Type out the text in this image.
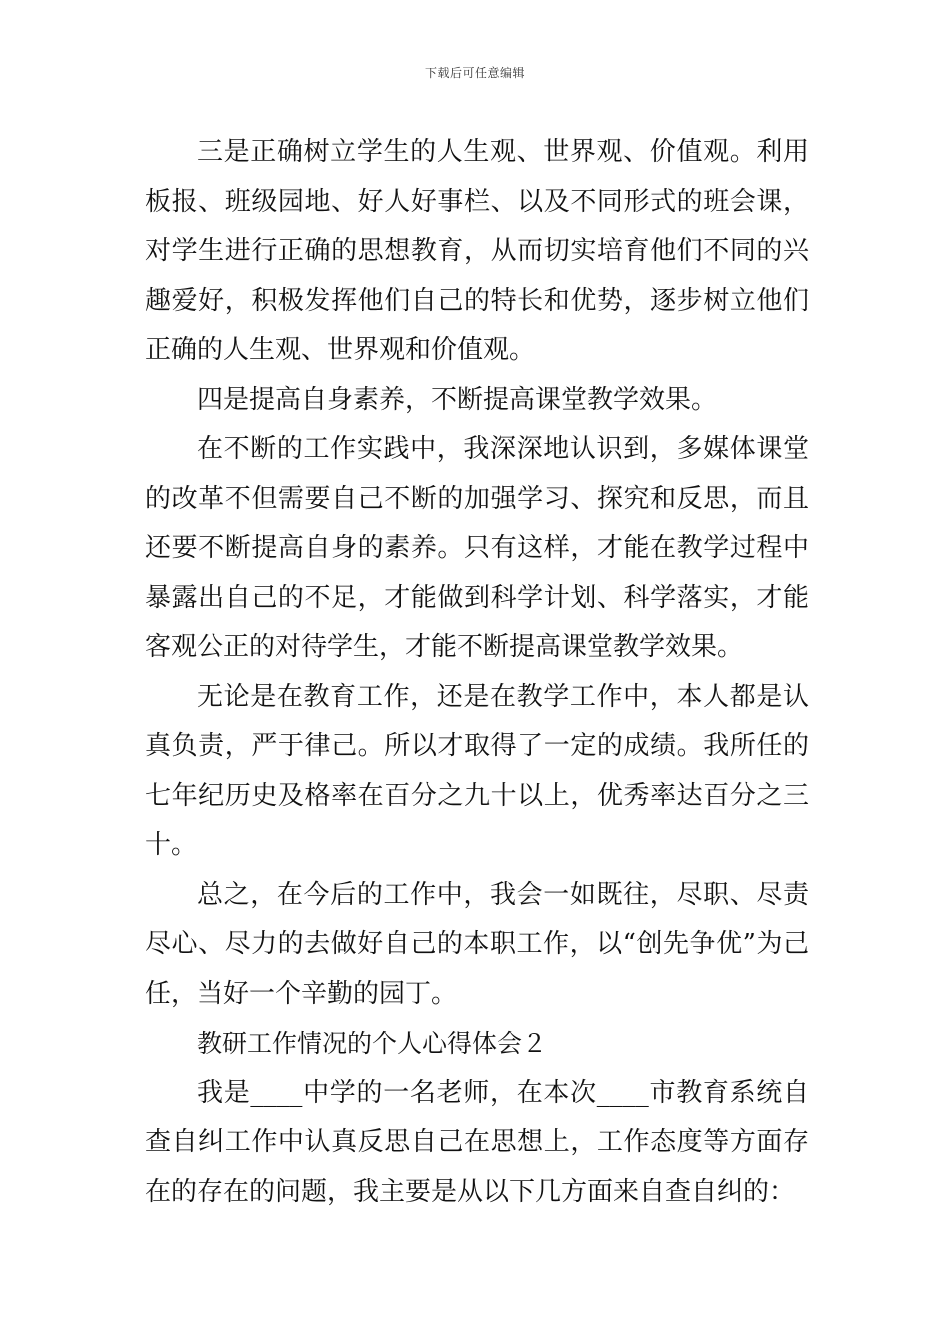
下载后可任意编辑

三是正确树立学生的人生观、世界观、价值观。利用板报、班级园地、好人好事栏、以及不同形式的班会课，对学生进行正确的思想教育，从而切实培育他们不同的兴趣爱好，积极发挥他们自己的特长和优势，逐步树立他们正确的人生观、世界观和价值观。

四是提高自身素养，不断提高课堂教学效果。

在不断的工作实践中，我深深地认识到，多媒体课堂的改革不但需要自己不断的加强学习、探究和反思，而且还要不断提高自身的素养。只有这样，才能在教学过程中暴露出自己的不足，才能做到科学计划、科学落实，才能客观公正的对待学生，才能不断提高课堂教学效果。

无论是在教育工作，还是在教学工作中，本人都是认真负责，严于律己。所以才取得了一定的成绩。我所任的七年纪历史及格率在百分之九十以上，优秀率达百分之三十。

总之，在今后的工作中，我会一如既往，尽职、尽责尽心、尽力的去做好自己的本职工作，以“创先争优”为己任，当好一个辛勤的园丁。

教研工作情况的个人心得体会２

我是____中学的一名老师，在本次____市教育系统自查自纠工作中认真反思自己在思想上，工作态度等方面存在的存在的问题，我主要是从以下几方面来自查自纠的：
